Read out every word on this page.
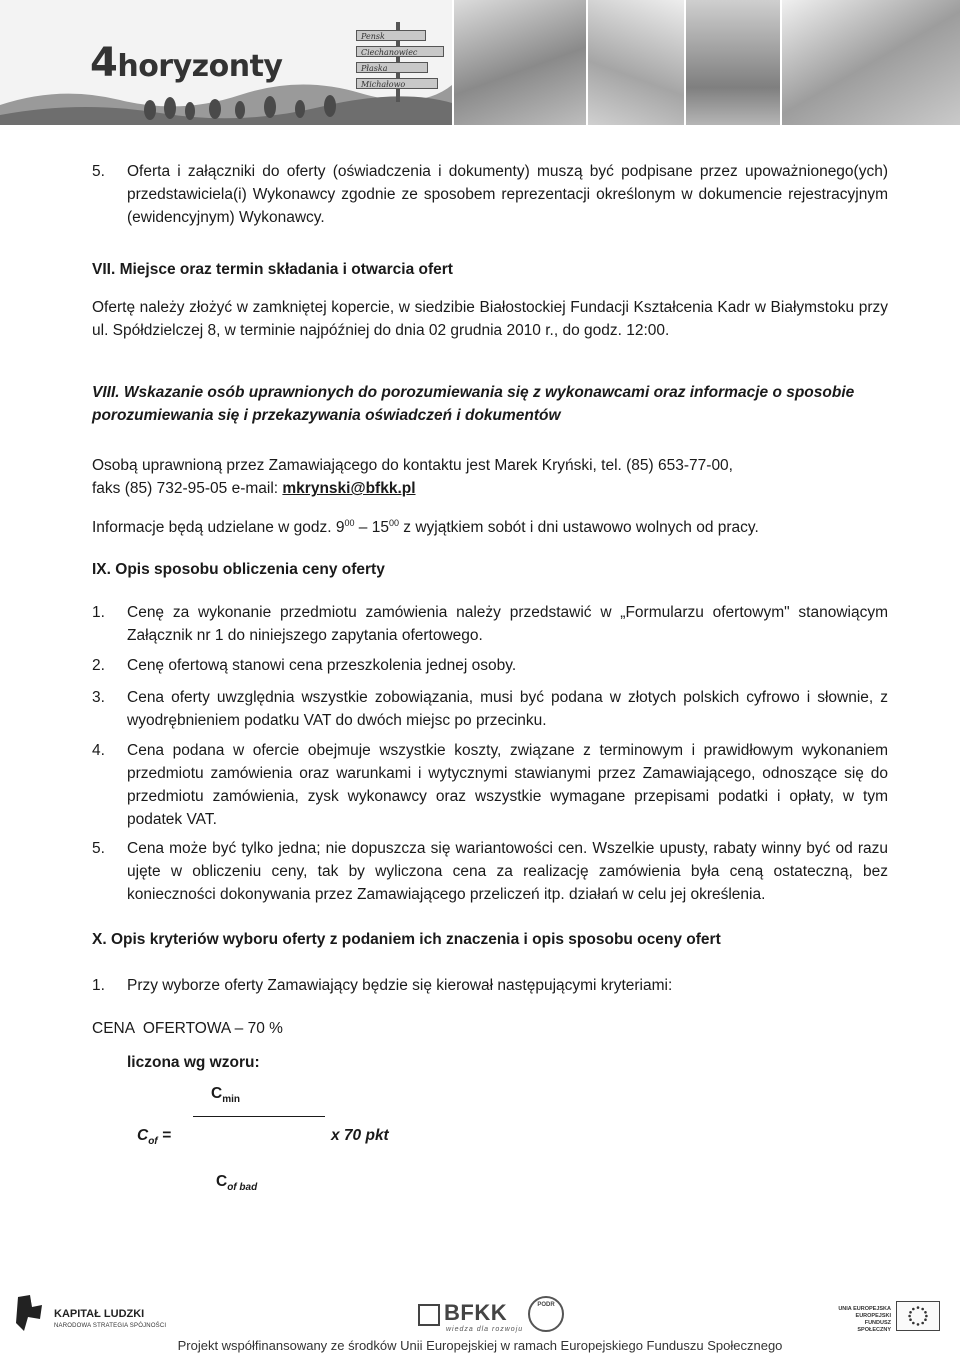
4horyzonty
Pensk
Ciechanowiec
Płaska
Michałowo
5.	Oferta i załączniki do oferty (oświadczenia i dokumenty) muszą być podpisane przez upoważnionego(ych) przedstawiciela(i) Wykonawcy zgodnie ze sposobem reprezentacji określonym w dokumencie rejestracyjnym (ewidencyjnym) Wykonawcy.
VII. Miejsce oraz termin składania i otwarcia ofert
Ofertę należy złożyć w zamkniętej kopercie, w siedzibie Białostockiej Fundacji Kształcenia Kadr w Białymstoku przy ul. Spółdzielczej 8, w terminie najpóźniej do dnia 02 grudnia 2010 r., do godz. 12:00.
VIII. Wskazanie osób uprawnionych do porozumiewania się z wykonawcami oraz informacje o sposobie porozumiewania się i przekazywania oświadczeń i dokumentów
Osobą uprawnioną przez Zamawiającego do kontaktu jest Marek Kryński, tel. (85) 653-77-00,
faks (85) 732-95-05 e-mail: mkrynski@bfkk.pl
Informacje będą udzielane w godz. $9^{00} - 15^{00}$ z wyjątkiem sobót i dni ustawowo wolnych od pracy.
IX. Opis sposobu obliczenia ceny oferty
1.	Cenę za wykonanie przedmiotu zamówienia należy przedstawić w „Formularzu ofertowym" stanowiącym Załącznik nr 1 do niniejszego zapytania ofertowego.
2.	Cenę ofertową stanowi cena przeszkolenia jednej osoby.
3.	Cena oferty uwzględnia wszystkie zobowiązania, musi być podana w złotych polskich cyfrowo i słownie, z wyodrębnieniem podatku VAT do dwóch miejsc po przecinku.
4.	Cena podana w ofercie obejmuje wszystkie koszty, związane z terminowym i prawidłowym wykonaniem przedmiotu zamówienia oraz warunkami i wytycznymi stawianymi przez Zamawiającego, odnoszące się do przedmiotu zamówienia, zysk wykonawcy oraz wszystkie wymagane przepisami podatki i opłaty, w tym podatek VAT.
5.	Cena może być tylko jedna; nie dopuszcza się wariantowości cen. Wszelkie upusty, rabaty winny być od razu ujęte w obliczeniu ceny, tak by wyliczona cena za realizację zamówienia była ceną ostateczną, bez konieczności dokonywania przez Zamawiającego przeliczeń itp. działań w celu jej określenia.
X. Opis kryteriów wyboru oferty z podaniem ich znaczenia i opis sposobu oceny ofert
1.	Przy wyborze oferty Zamawiający będzie się kierował następującymi kryteriami:
CENA  OFERTOWA – 70 %
liczona wg wzoru:
$C_{min}$
$C_{of}$ =	x 70 pkt
$C_{of bad}$
KAPITAŁ LUDZKI
NARODOWA STRATEGIA SPÓJNOŚCI
BFKK
wiedza dla rozwoju
PODR
UNIA EUROPEJSKA EUROPEJSKI FUNDUSZ SPOŁECZNY
Projekt współfinansowany ze środków Unii Europejskiej w ramach Europejskiego Funduszu Społecznego
